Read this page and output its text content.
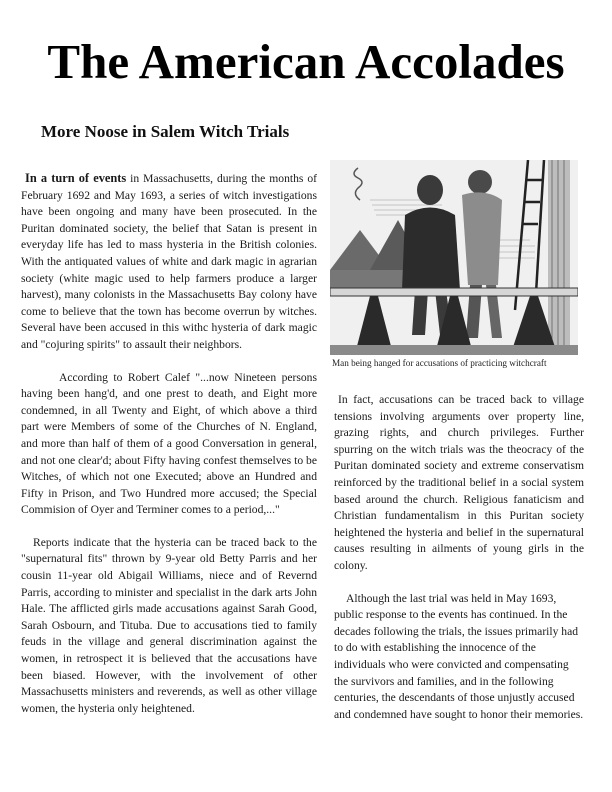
The American Accolades
More Noose in Salem Witch Trials

In a turn of events in Massachusetts, during the months of February 1692 and May 1693, a series of witch investigations have been ongoing and many have been prosecuted. In the Puritan dominated society, the belief that Satan is present in everyday life has led to mass hysteria in the British colonies. With the antiquated values of white and dark magic in agrarian society (white magic used to help farmers produce a larger harvest), many colonists in the Massachusetts Bay colony have come to believe that the town has become overrun by witches. Several have been accused in this withc hysteria of dark magic and "cojuring spirits" to assault their neighbors.

According to Robert Calef "...now Nineteen persons having been hang'd, and one prest to death, and Eight more condemned, in all Twenty and Eight, of which above a third part were Members of some of the Churches of N. England, and more than half of them of a good Conversation in general, and not one clear'd; about Fifty having confest themselves to be Witches, of which not one Executed; above an Hundred and Fifty in Prison, and Two Hundred more accused; the Special Commision of Oyer and Terminer comes to a period,..."

Reports indicate that the hysteria can be traced back to the "supernatural fits" thrown by 9-year old Betty Parris and her cousin 11-year old Abigail Williams, niece and of Revernd Parris, according to minister and specialist in the dark arts John Hale. The afflicted girls made accusations against Sarah Good, Sarah Osbourn, and Tituba. Due to accusations tied to family feuds in the village and general discrimination against the women, in retrospect it is believed that the accusations have been biased. However, with the involvement of other Massachusetts ministers and reverends, as well as other village women, the hysteria only heightened.

Man being hanged for accusations of practicing witchcraft

In fact, accusations can be traced back to village tensions involving arguments over property line, grazing rights, and church privileges. Further spurring on the witch trials was the theocracy of the Puritan dominated society and extreme conservatism reinforced by the traditional belief in a social system based around the church. Religious fanaticism and Christian fundamentalism in this Puritan society heightened the hysteria and belief in the supernatural causes resulting in ailments of young girls in the colony.

Although the last trial was held in May 1693, public response to the events has continued. In the decades following the trials, the issues primarily had to do with establishing the innocence of the individuals who were convicted and compensating the survivors and families, and in the following centuries, the descendants of those unjustly accused and condemned have sought to honor their memories.
